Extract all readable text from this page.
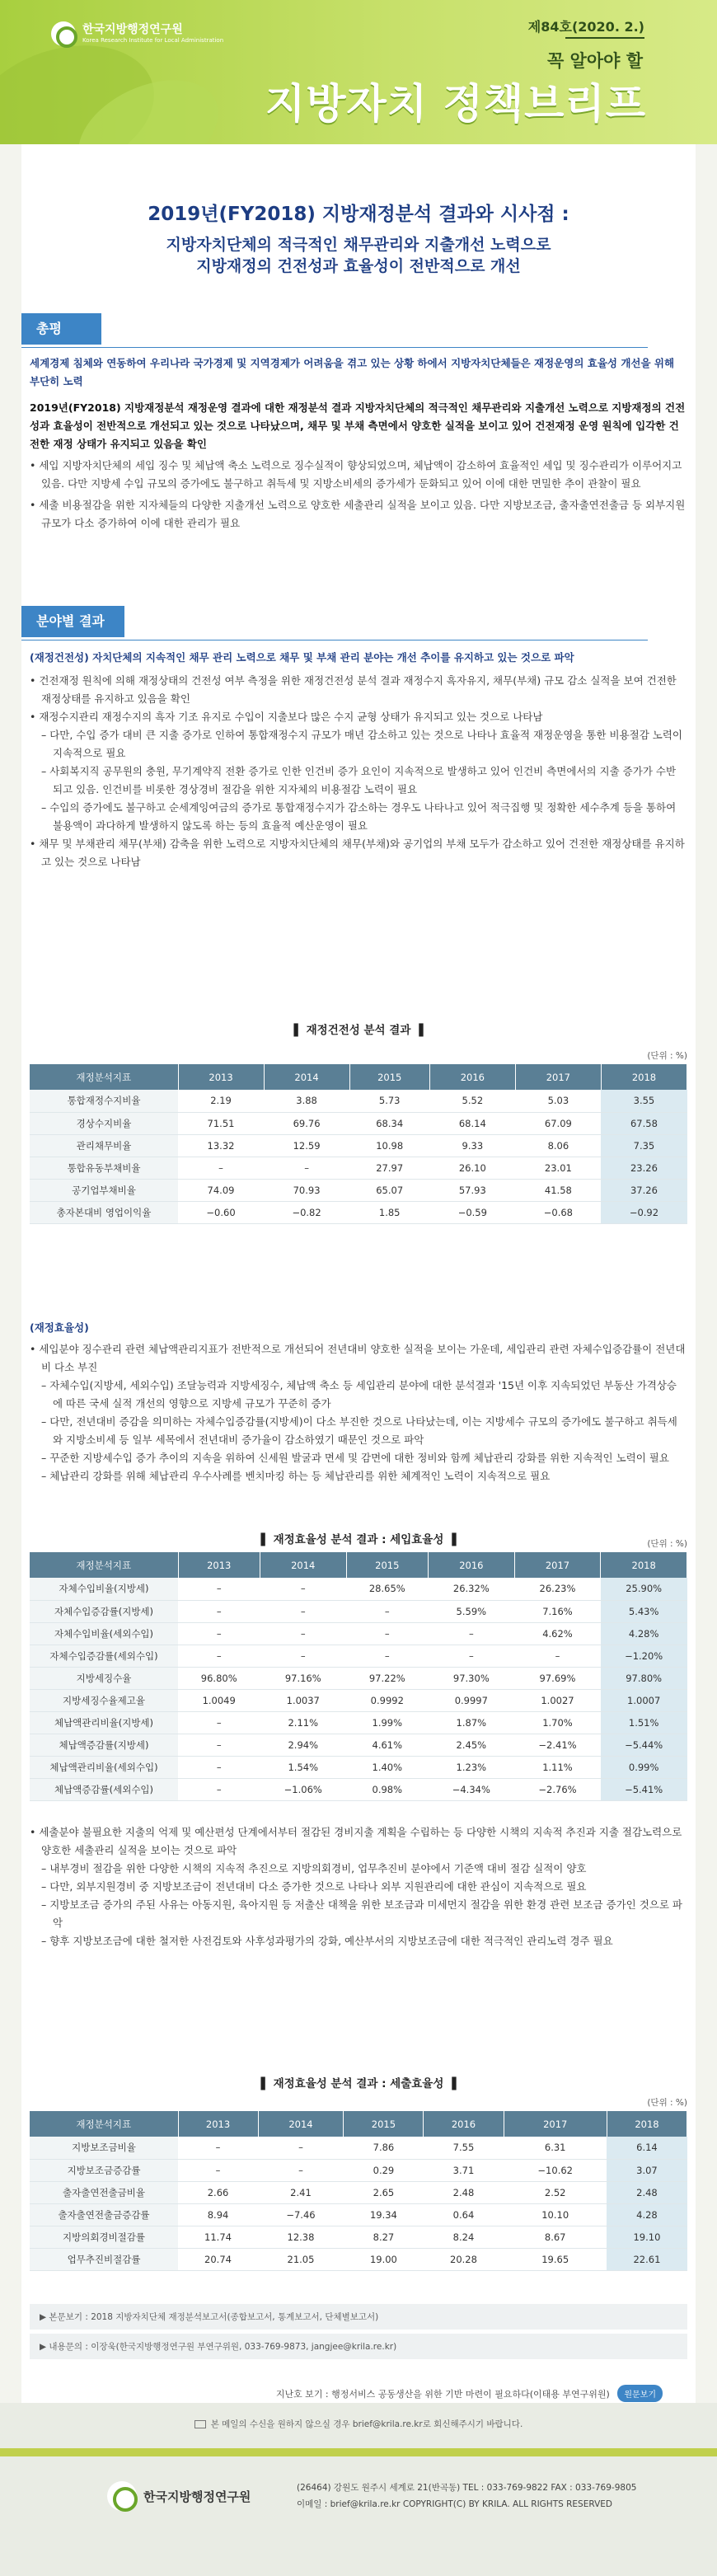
한국지방행정연구원
Korea Research Institute for Local Administration
제84호(2020. 2.)
꼭 알아야 할
지방자치 정책브리프
2019년(FY2018) 지방재정분석 결과와 시사점 :
지방자치단체의 적극적인 채무관리와 지출개선 노력으로
지방재정의 건전성과 효율성이 전반적으로 개선
총평
세계경제 침체와 연동하여 우리나라 국가경제 및 지역경제가 어려움을 겪고 있는 상황 하에서 지방자치단체들은 재정운영의 효율성 개선을 위해 부단히 노력
2019년(FY2018) 지방재정분석 재정운영 결과에 대한 재정분석 결과 지방자치단체의 적극적인 채무관리와 지출개선 노력으로 지방재정의 건전성과 효율성이 전반적으로 개선되고 있는 것으로 나타났으며, 채무 및 부채 측면에서 양호한 실적을 보이고 있어 건전재정 운영 원칙에 입각한 건전한 재정 상태가 유지되고 있음을 확인
• 세입 지방자치단체의 세입 징수 및 체납액 축소 노력으로 징수실적이 향상되었으며, 체납액이 감소하여 효율적인 세입 및 징수관리가 이루어지고 있음. 다만 지방세 수입 규모의 증가에도 불구하고 취득세 및 지방소비세의 증가세가 둔화되고 있어 이에 대한 면밀한 추이 관찰이 필요
• 세출 비용절감을 위한 지자체들의 다양한 지출개선 노력으로 양호한 세출관리 실적을 보이고 있음. 다만 지방보조금, 출자출연전출금 등 외부지원규모가 다소 증가하여 이에 대한 관리가 필요
분야별 결과
(재정건전성) 자치단체의 지속적인 채무 관리 노력으로 채무 및 부채 관리 분야는 개선 추이를 유지하고 있는 것으로 파악
• 건전재정 원칙에 의해 재정상태의 건전성 여부 측정을 위한 재정건전성 분석 결과 재정수지 흑자유지, 채무(부채) 규모 감소 실적을 보여 건전한 재정상태를 유지하고 있음을 확인
• 재정수지관리 재정수지의 흑자 기조 유지로 수입이 지출보다 많은 수지 균형 상태가 유지되고 있는 것으로 나타남
– 다만, 수입 증가 대비 큰 지출 증가로 인하여 통합재정수지 규모가 매년 감소하고 있는 것으로 나타나 효율적 재정운영을 통한 비용절감 노력이 지속적으로 필요
– 사회복지직 공무원의 충원, 무기계약직 전환 증가로 인한 인건비 증가 요인이 지속적으로 발생하고 있어 인건비 측면에서의 지출 증가가 수반되고 있음. 인건비를 비롯한 경상경비 절감을 위한 지자체의 비용절감 노력이 필요
– 수입의 증가에도 불구하고 순세계잉여금의 증가로 통합재정수지가 감소하는 경우도 나타나고 있어 적극집행 및 정확한 세수추계 등을 통하여 불용액이 과다하게 발생하지 않도록 하는 등의 효율적 예산운영이 필요
• 채무 및 부채관리 채무(부채) 감축을 위한 노력으로 지방자치단체의 채무(부채)와 공기업의 부채 모두가 감소하고 있어 건전한 재정상태를 유지하고 있는 것으로 나타남
▌ 재정건전성 분석 결과 ▐
(단위 : %)
재정분석지표	2013	2014	2015	2016	2017	2018
통합재정수지비율	2.19	3.88	5.73	5.52	5.03	3.55
경상수지비율	71.51	69.76	68.34	68.14	67.09	67.58
관리채무비율	13.32	12.59	10.98	9.33	8.06	7.35
통합유동부채비율	–	–	27.97	26.10	23.01	23.26
공기업부채비율	74.09	70.93	65.07	57.93	41.58	37.26
총자본대비 영업이익율	−0.60	−0.82	1.85	−0.59	−0.68	−0.92
(재정효율성)
• 세입분야 징수관리 관련 체납액관리지표가 전반적으로 개선되어 전년대비 양호한 실적을 보이는 가운데, 세입관리 관련 자체수입증감률이 전년대비 다소 부진
– 자체수입(지방세, 세외수입) 조달능력과 지방세징수, 체납액 축소 등 세입관리 분야에 대한 분석결과 '15년 이후 지속되었던 부동산 가격상승에 따른 국세 실적 개선의 영향으로 지방세 규모가 꾸준히 증가
– 다만, 전년대비 증감을 의미하는 자체수입증감률(지방세)이 다소 부진한 것으로 나타났는데, 이는 지방세수 규모의 증가에도 불구하고 취득세와 지방소비세 등 일부 세목에서 전년대비 증가율이 감소하였기 때문인 것으로 파악
– 꾸준한 지방세수입 증가 추이의 지속을 위하여 신세원 발굴과 면세 및 감면에 대한 정비와 함께 체납관리 강화를 위한 지속적인 노력이 필요
– 체납관리 강화를 위해 체납관리 우수사례를 벤치마킹 하는 등 체납관리를 위한 체계적인 노력이 지속적으로 필요
▌ 재정효율성 분석 결과 : 세입효율성 ▐	(단위 : %)
재정분석지표	2013	2014	2015	2016	2017	2018
자체수입비율(지방세)	–	–	28.65%	26.32%	26.23%	25.90%
자체수입증감률(지방세)	–	–	–	5.59%	7.16%	5.43%
자체수입비율(세외수입)	–	–	–	–	4.62%	4.28%
자체수입증감률(세외수입)	–	–	–	–	–	−1.20%
지방세징수율	96.80%	97.16%	97.22%	97.30%	97.69%	97.80%
지방세징수율제고율	1.0049	1.0037	0.9992	0.9997	1.0027	1.0007
체납액관리비율(지방세)	–	2.11%	1.99%	1.87%	1.70%	1.51%
체납액증감률(지방세)	–	2.94%	4.61%	2.45%	−2.41%	−5.44%
체납액관리비율(세외수입)	–	1.54%	1.40%	1.23%	1.11%	0.99%
체납액증감률(세외수입)	–	−1.06%	0.98%	−4.34%	−2.76%	−5.41%
• 세출분야 불필요한 지출의 억제 및 예산편성 단계에서부터 절감된 경비지출 계획을 수립하는 등 다양한 시책의 지속적 추진과 지출 절감노력으로 양호한 세출관리 실적을 보이는 것으로 파악
– 내부경비 절감을 위한 다양한 시책의 지속적 추진으로 지방의회경비, 업무추진비 분야에서 기준액 대비 절감 실적이 양호
– 다만, 외부지원경비 중 지방보조금이 전년대비 다소 증가한 것으로 나타나 외부 지원관리에 대한 관심이 지속적으로 필요
– 지방보조금 증가의 주된 사유는 아동지원, 육아지원 등 저출산 대책을 위한 보조금과 미세먼지 절감을 위한 환경 관련 보조금 증가인 것으로 파악
– 향후 지방보조금에 대한 철저한 사전검토와 사후성과평가의 강화, 예산부서의 지방보조금에 대한 적극적인 관리노력 경주 필요
▌ 재정효율성 분석 결과 : 세출효율성 ▐
(단위 : %)
재정분석지표	2013	2014	2015	2016	2017	2018
지방보조금비율	–	–	7.86	7.55	6.31	6.14
지방보조금증감률	–	–	0.29	3.71	−10.62	3.07
출자출연전출금비율	2.66	2.41	2.65	2.48	2.52	2.48
출자출연전출금증감률	8.94	−7.46	19.34	0.64	10.10	4.28
지방의회경비절감률	11.74	12.38	8.27	8.24	8.67	19.10
업무추진비절감률	20.74	21.05	19.00	20.28	19.65	22.61
▶ 본문보기 : 2018 지방자치단체 재정분석보고서(종합보고서, 통계보고서, 단체별보고서)
▶ 내용문의 : 이장욱(한국지방행정연구원 부연구위원, 033-769-9873, jangjee@krila.re.kr)
지난호 보기 : 행정서비스 공동생산을 위한 기반 마련이 필요하다(이태용 부연구위원) 원문보기
본 메일의 수신을 원하지 않으실 경우 brief@krila.re.kr로 회신해주시기 바랍니다.
한국지방행정연구원
(26464) 강원도 원주시 세계로 21(반곡동) TEL : 033-769-9822 FAX : 033-769-9805
이메일 : brief@krila.re.kr COPYRIGHT(C) BY KRILA. ALL RIGHTS RESERVED
